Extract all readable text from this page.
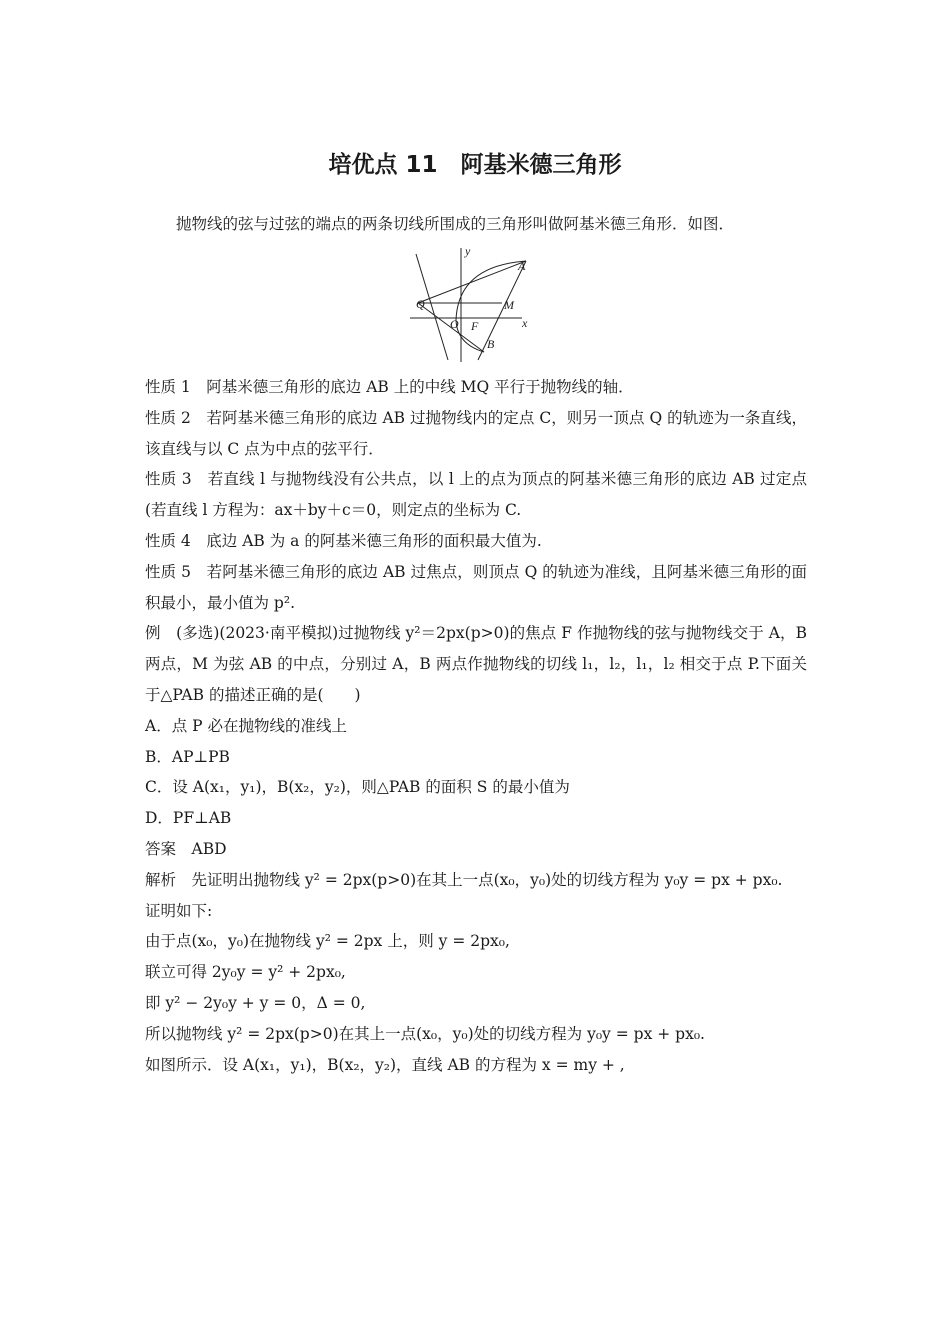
培优点 11　阿基米德三角形
抛物线的弦与过弦的端点的两条切线所围成的三角形叫做阿基米德三角形．如图．
y
A
Q	M
O F	x
B

性质 1　阿基米德三角形的底边 AB 上的中线 MQ 平行于抛物线的轴．

性质 2　若阿基米德三角形的底边 AB 过抛物线内的定点 C，则另一顶点 Q 的轨迹为一条直线，该直线与以 C 点为中点的弦平行．

性质 3　若直线 l 与抛物线没有公共点，以 l 上的点为顶点的阿基米德三角形的底边 AB 过定点(若直线 l 方程为：ax＋by＋c＝0，则定点的坐标为 C.

性质 4　底边 AB 为 a 的阿基米德三角形的面积最大值为.

性质 5　若阿基米德三角形的底边 AB 过焦点，则顶点 Q 的轨迹为准线，且阿基米德三角形的面积最小，最小值为 p².

例　(多选)(2023·南平模拟)过抛物线 y²＝2px(p>0)的焦点 F 作抛物线的弦与抛物线交于 A，B 两点，M 为弦 AB 的中点，分别过 A，B 两点作抛物线的切线 l₁，l₂，l₁，l₂ 相交于点 P.下面关于△PAB 的描述正确的是(　　)

A．点 P 必在抛物线的准线上

B．AP⊥PB

C．设 A(x₁，y₁)，B(x₂，y₂)，则△PAB 的面积 S 的最小值为

D．PF⊥AB

答案　ABD

解析　先证明出抛物线 y² = 2px(p>0)在其上一点(x₀，y₀)处的切线方程为 y₀y = px + px₀.

证明如下:

由于点(x₀，y₀)在抛物线 y² = 2px 上，则 y = 2px₀,

联立可得 2y₀y = y² + 2px₀,

即 y² − 2y₀y + y = 0，Δ = 0,

所以抛物线 y² = 2px(p>0)在其上一点(x₀，y₀)处的切线方程为 y₀y = px + px₀.

如图所示．设 A(x₁，y₁)，B(x₂，y₂)，直线 AB 的方程为 x = my + ,
